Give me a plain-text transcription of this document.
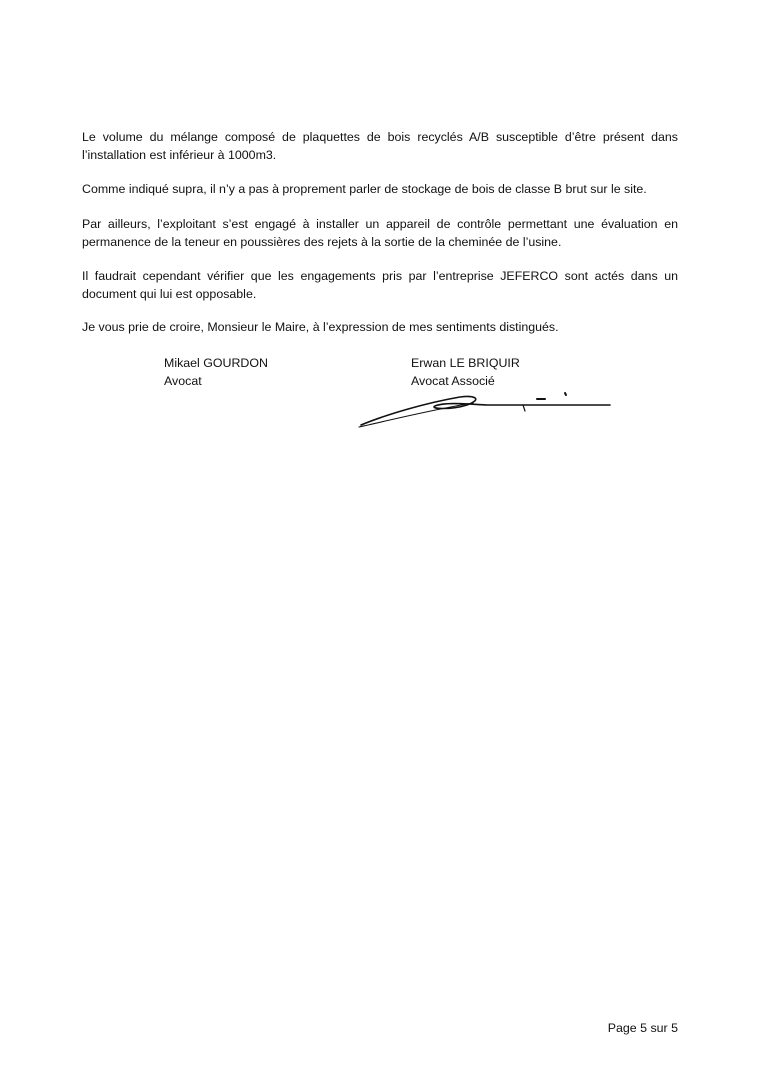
Le volume du mélange composé de plaquettes de bois recyclés A/B susceptible d’être présent dans l’installation est inférieur à 1000m3.

Comme indiqué supra, il n’y a pas à proprement parler de stockage de bois de classe B brut sur le site.

Par ailleurs, l’exploitant s’est engagé à installer un appareil de contrôle permettant une évaluation en permanence de la teneur en poussières des rejets à la sortie de la cheminée de l’usine.

Il faudrait cependant vérifier que les engagements pris par l’entreprise JEFERCO sont actés dans un document qui lui est opposable.

Je vous prie de croire, Monsieur le Maire, à l’expression de mes sentiments distingués.

Mikael GOURDON
Avocat
Erwan LE BRIQUIR
Avocat Associé
Page 5 sur 5
